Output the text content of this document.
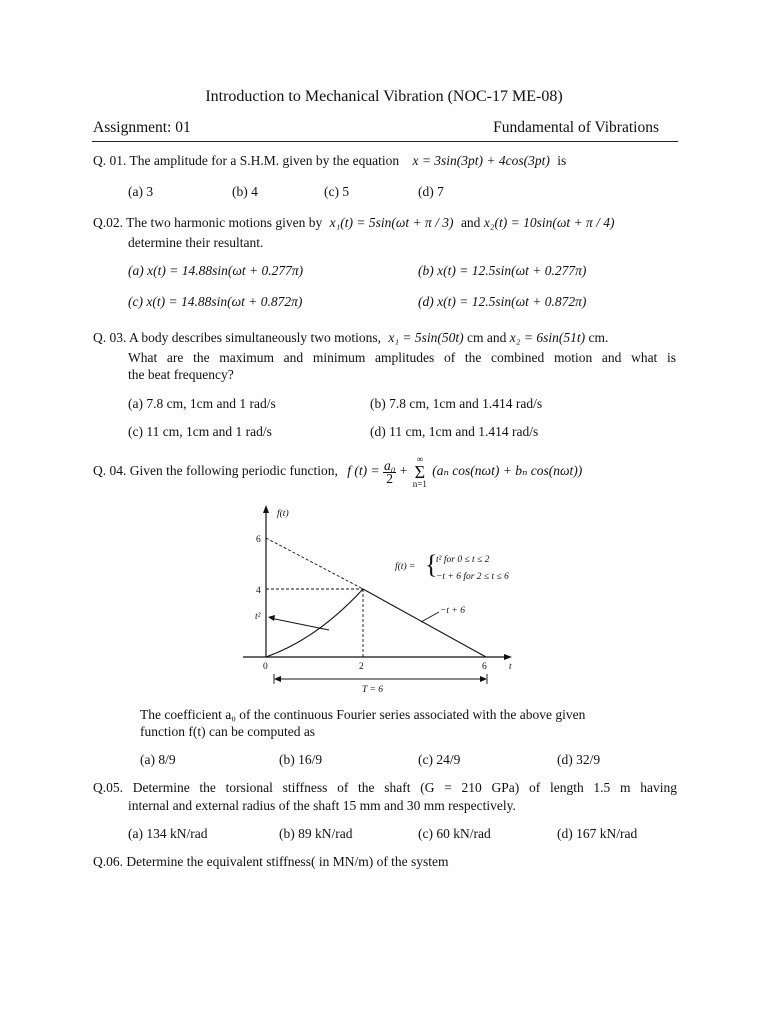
Introduction to Mechanical Vibration (NOC-17 ME-08)
Assignment: 01	Fundamental of Vibrations
Q. 01. The amplitude for a S.H.M. given by the equation x = 3sin(3pt) + 4cos(3pt) is
(a) 3	(b) 4	(c) 5	(d) 7
Q.02. The two harmonic motions given by x₁(t) = 5sin(ωt + π / 3) and x₂(t) = 10sin(ωt + π / 4)
determine their resultant.
(a) x(t) = 14.88sin(ωt + 0.277π)	(b) x(t) = 12.5sin(ωt + 0.277π)
(c) x(t) = 14.88sin(ωt + 0.872π)	(d) x(t) = 12.5sin(ωt + 0.872π)
Q. 03. A body describes simultaneously two motions, x₁ = 5sin(50t) cm and x₂ = 6sin(51t) cm.
What are the maximum and minimum amplitudes of the combined motion and what is
the beat frequency?
(a) 7.8 cm, 1cm and 1 rad/s	(b) 7.8 cm, 1cm and 1.414 rad/s
(c) 11 cm, 1cm and 1 rad/s	(d) 11 cm, 1cm and 1.414 rad/s
Q. 04. Given the following periodic function, f $(t) = \frac{\text{a₀}}{2}$ +
∞
Σ
n=1
(aₙ cos(nωt) + bₙ cos(nωt))
f(t)
t
6
4
0	2	6
t²
−t + 6
T = 6
f(t) = {
t² for 0 ≤ t ≤ 2
−t + 6 for 2 ≤ t ≤ 6
The coefficient a₀ of the continuous Fourier series associated with the above given
function f(t) can be computed as
(a) 8/9	(b) 16/9	(c) 24/9	(d) 32/9
Q.05. Determine the torsional stiffness of the shaft (G = 210 GPa) of length 1.5 m having
internal and external radius of the shaft 15 mm and 30 mm respectively.
(a) 134 kN/rad	(b) 89 kN/rad	(c) 60 kN/rad	(d) 167 kN/rad
Q.06. Determine the equivalent stiffness( in MN/m) of the system
